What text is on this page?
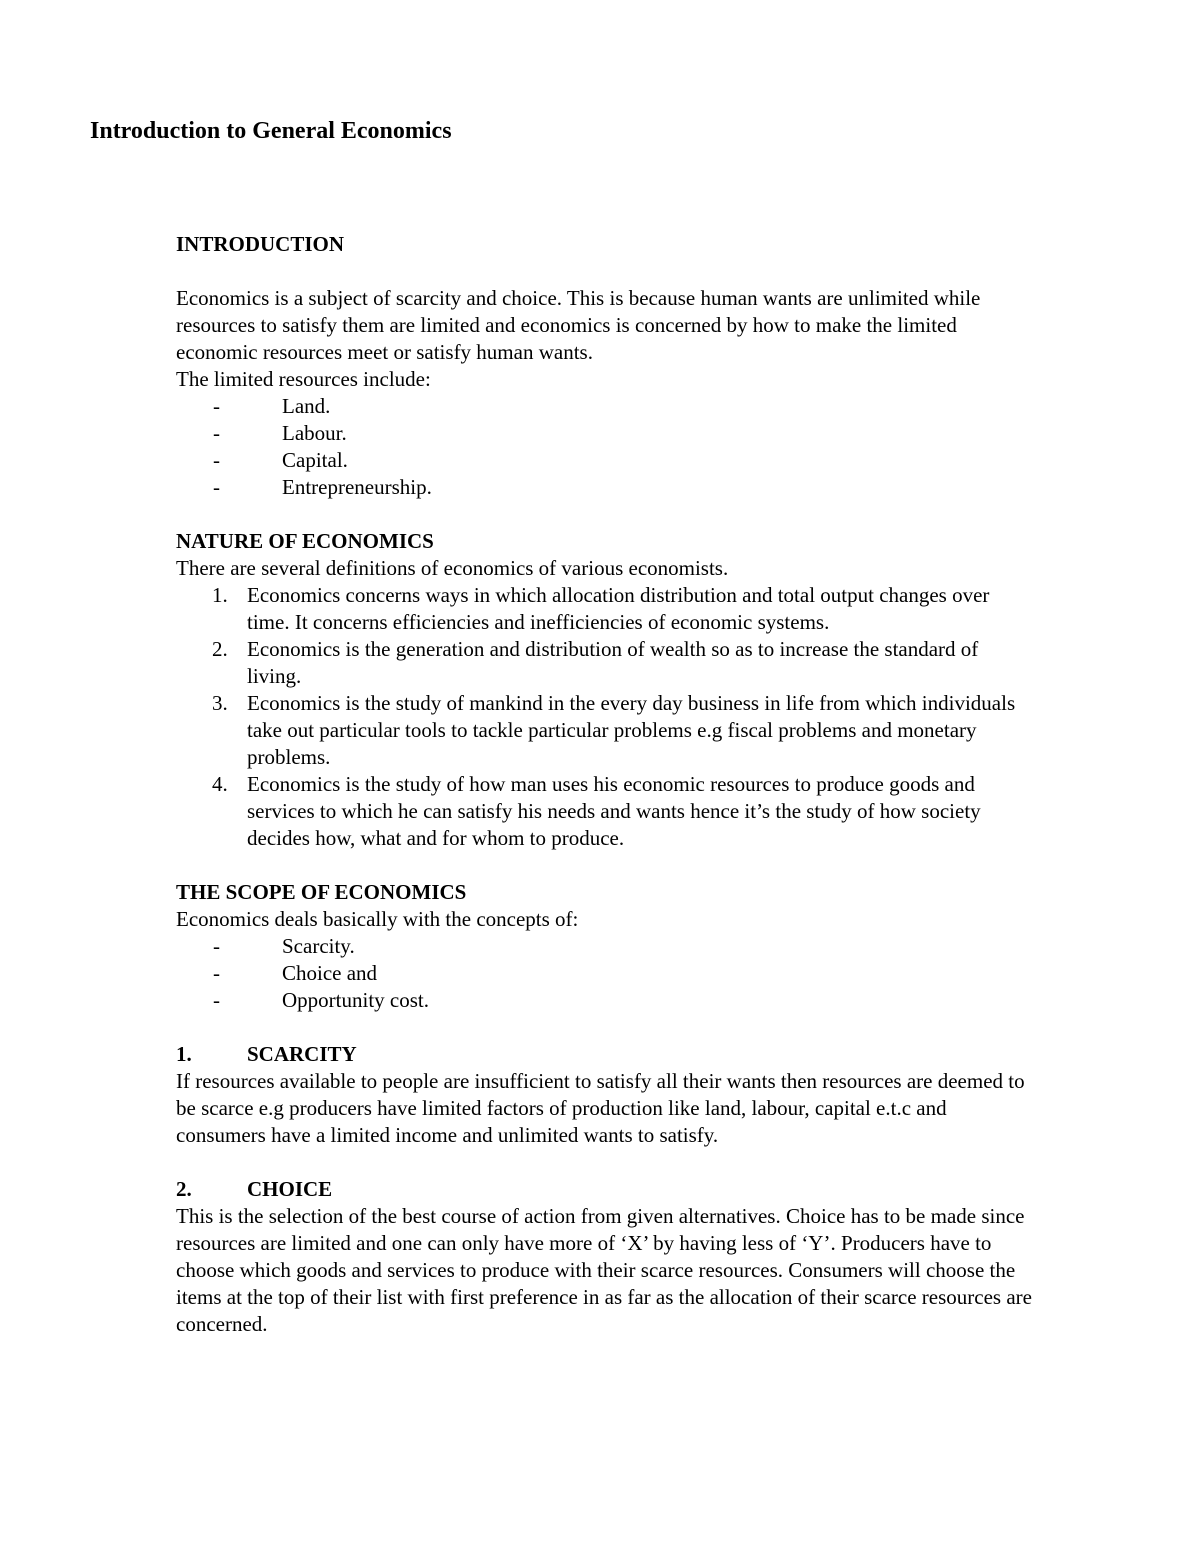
Introduction to General Economics
INTRODUCTION

Economics is a subject of scarcity and choice. This is because human wants are unlimited while resources to satisfy them are limited and economics is concerned by how to make the limited economic resources meet or satisfy human wants.

The limited resources include:

-	Land.
-	Labour.
-	Capital.
-	Entrepreneurship.
NATURE OF ECONOMICS

There are several definitions of economics of various economists.

1. Economics concerns ways in which allocation distribution and total output changes over time. It concerns efficiencies and inefficiencies of economic systems.
2. Economics is the generation and distribution of wealth so as to increase the standard of living.
3. Economics is the study of mankind in the every day business in life from which individuals take out particular tools to tackle particular problems e.g fiscal problems and monetary problems.
4. Economics is the study of how man uses his economic resources to produce goods and services to which he can satisfy his needs and wants hence it’s the study of how society decides how, what and for whom to produce.
THE SCOPE OF ECONOMICS

Economics deals basically with the concepts of:

-	Scarcity.
-	Choice and
-	Opportunity cost.
1.	SCARCITY

If resources available to people are insufficient to satisfy all their wants then resources are deemed to be scarce e.g producers have limited factors of production like land, labour, capital e.t.c and consumers have a limited income and unlimited wants to satisfy.

2.	CHOICE

This is the selection of the best course of action from given alternatives. Choice has to be made since resources are limited and one can only have more of ‘X’ by having less of ‘Y’. Producers have to choose which goods and services to produce with their scarce resources. Consumers will choose the items at the top of their list with first preference in as far as the allocation of their scarce resources are concerned.
